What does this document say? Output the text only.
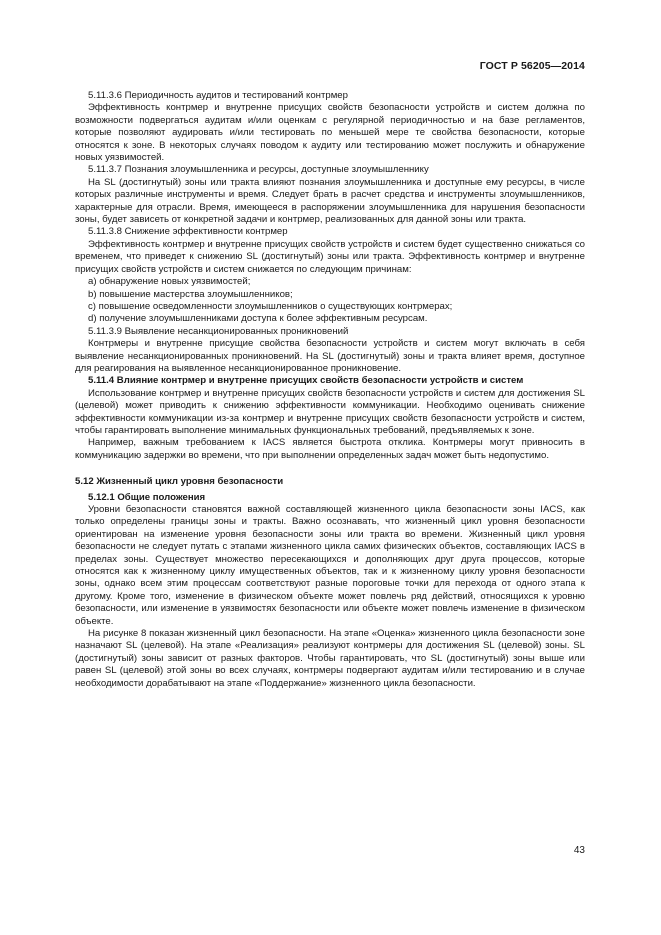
ГОСТ Р 56205—2014
5.11.3.6 Периодичность аудитов и тестирований контрмер
Эффективность контрмер и внутренне присущих свойств безопасности устройств и систем должна по возможности подвергаться аудитам и/или оценкам с регулярной периодичностью и на базе регламентов, которые позволяют аудировать и/или тестировать по меньшей мере те свойства безопасности, которые относятся к зоне. В некоторых случаях поводом к аудиту или тестированию может послужить и обнаружение новых уязвимостей.
5.11.3.7 Познания злоумышленника и ресурсы, доступные злоумышленнику
На SL (достигнутый) зоны или тракта влияют познания злоумышленника и доступные ему ресурсы, в числе которых различные инструменты и время. Следует брать в расчет средства и инструменты злоумышленников, характерные для отрасли. Время, имеющееся в распоряжении злоумышленника для нарушения безопасности зоны, будет зависеть от конкретной задачи и контрмер, реализованных для данной зоны или тракта.
5.11.3.8 Снижение эффективности контрмер
Эффективность контрмер и внутренне присущих свойств устройств и систем будет существенно снижаться со временем, что приведет к снижению SL (достигнутый) зоны или тракта. Эффективность контрмер и внутренне присущих свойств устройств и систем снижается по следующим причинам:
а) обнаружение новых уязвимостей;
b) повышение мастерства злоумышленников;
с) повышение осведомленности злоумышленников о существующих контрмерах;
d) получение злоумышленниками доступа к более эффективным ресурсам.
5.11.3.9 Выявление несанкционированных проникновений
Контрмеры и внутренне присущие свойства безопасности устройств и систем могут включать в себя выявление несанкционированных проникновений. На SL (достигнутый) зоны и тракта влияет время, доступное для реагирования на выявленное несанкционированное проникновение.
5.11.4 Влияние контрмер и внутренне присущих свойств безопасности устройств и систем
Использование контрмер и внутренне присущих свойств безопасности устройств и систем для достижения SL (целевой) может приводить к снижению эффективности коммуникации. Необходимо оценивать снижение эффективности коммуникации из-за контрмер и внутренне присущих свойств безопасности устройств и систем, чтобы гарантировать выполнение минимальных функциональных требований, предъявляемых к зоне.
Например, важным требованием к IACS является быстрота отклика. Контрмеры могут привносить в коммуникацию задержки во времени, что при выполнении определенных задач может быть недопустимо.
5.12 Жизненный цикл уровня безопасности
5.12.1 Общие положения
Уровни безопасности становятся важной составляющей жизненного цикла безопасности зоны IACS, как только определены границы зоны и тракты. Важно осознавать, что жизненный цикл уровня безопасности ориентирован на изменение уровня безопасности зоны или тракта во времени. Жизненный цикл уровня безопасности не следует путать с этапами жизненного цикла самих физических объектов, составляющих IACS в пределах зоны. Существует множество пересекающихся и дополняющих друг друга процессов, которые относятся как к жизненному циклу имущественных объектов, так и к жизненному циклу уровня безопасности зоны, однако всем этим процессам соответствуют разные пороговые точки для перехода от одного этапа к другому. Кроме того, изменение в физическом объекте может повлечь ряд действий, относящихся к уровню безопасности, или изменение в уязвимостях безопасности или объекте может повлечь изменение в физическом объекте.
На рисунке 8 показан жизненный цикл безопасности. На этапе «Оценка» жизненного цикла безопасности зоне назначают SL (целевой). На этапе «Реализация» реализуют контрмеры для достижения SL (целевой) зоны. SL (достигнутый) зоны зависит от разных факторов. Чтобы гарантировать, что SL (достигнутый) зоны выше или равен SL (целевой) этой зоны во всех случаях, контрмеры подвергают аудитам и/или тестированию и в случае необходимости дорабатывают на этапе «Поддержание» жизненного цикла безопасности.
43
